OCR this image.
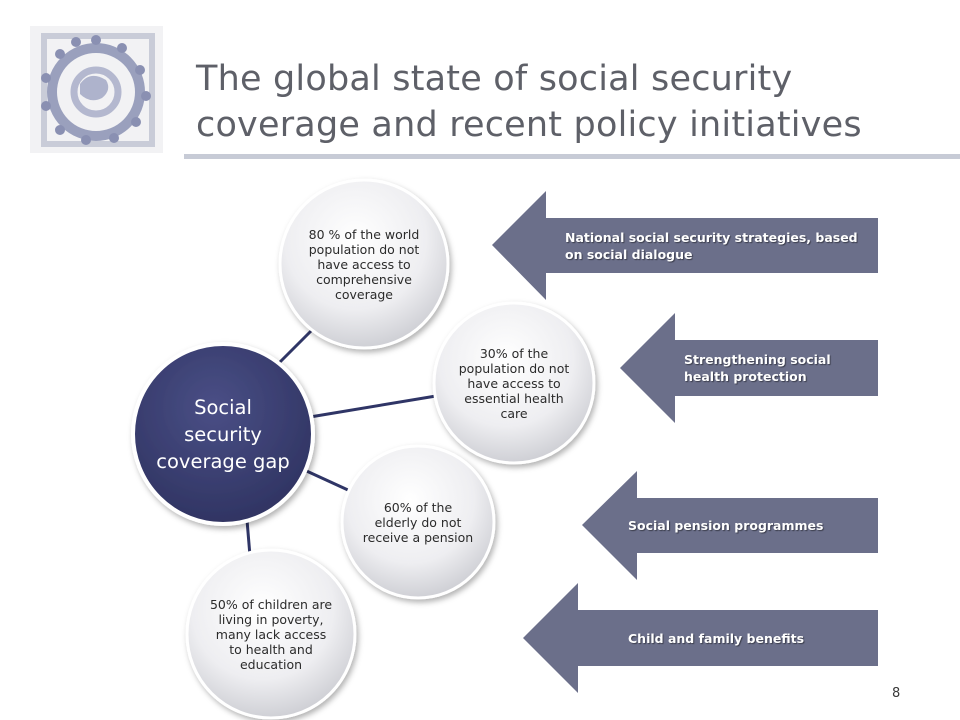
The global state of social security coverage and recent policy initiatives
Social security coverage gap
80 % of the world population do not have access to comprehensive coverage
30% of the population do not have access to essential health care
60% of the elderly do not receive a pension
50% of children are living in poverty, many lack access to health and education
National social security strategies, based on social dialogue
Strengthening social health protection
Social pension programmes
Child and family benefits
8
